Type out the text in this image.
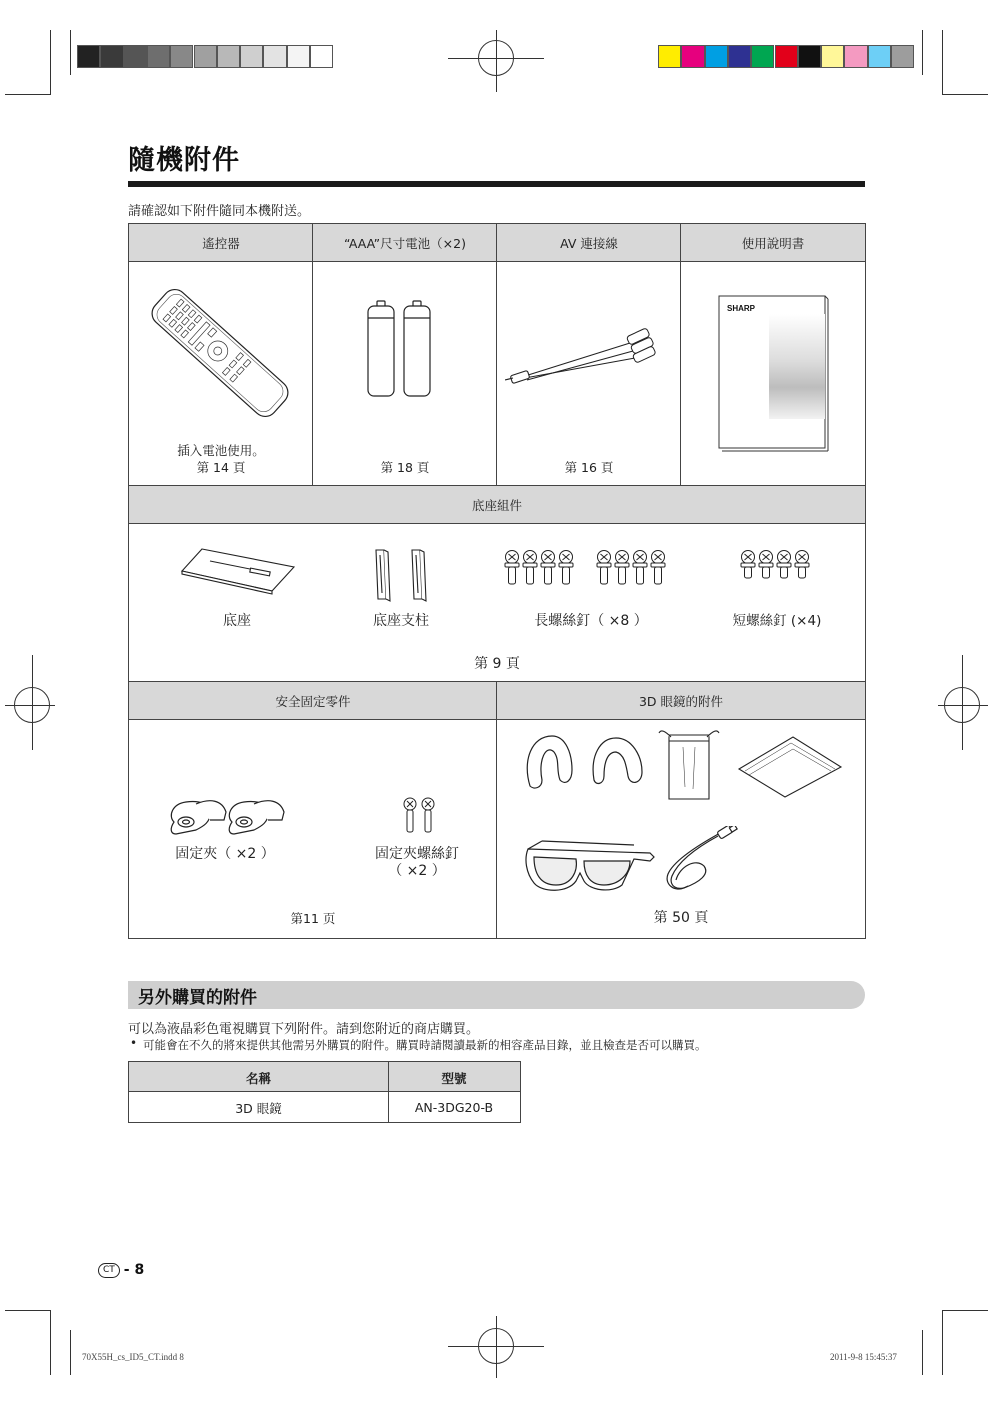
隨機附件
請確認如下附件隨同本機附送。
遙控器	“AAA”尺寸電池（×2)	AV 連接線	使用說明書
插入電池使用。
第 14 頁	第 18 頁	第 16 頁
SHARP
底座組件
底座	底座支柱	長螺絲釘（ ×8 ）	短螺絲釘 (×4)
第 9 頁
安全固定零件	3D 眼鏡的附件
固定夾（ ×2 ）	固定夾螺絲釘
（ ×2 ）
第11 页	第 50 頁
另外購買的附件
可以為液晶彩色電視購買下列附件。請到您附近的商店購買。
• 可能會在不久的將來提供其他需另外購買的附件。購買時請閱讀最新的相容產品目錄，並且檢查是否可以購買。
名稱	型號
3D 眼鏡	AN-3DG20-B
CT - 8
70X55H_cs_ID5_CT.indd 8	2011-9-8 15:45:37
